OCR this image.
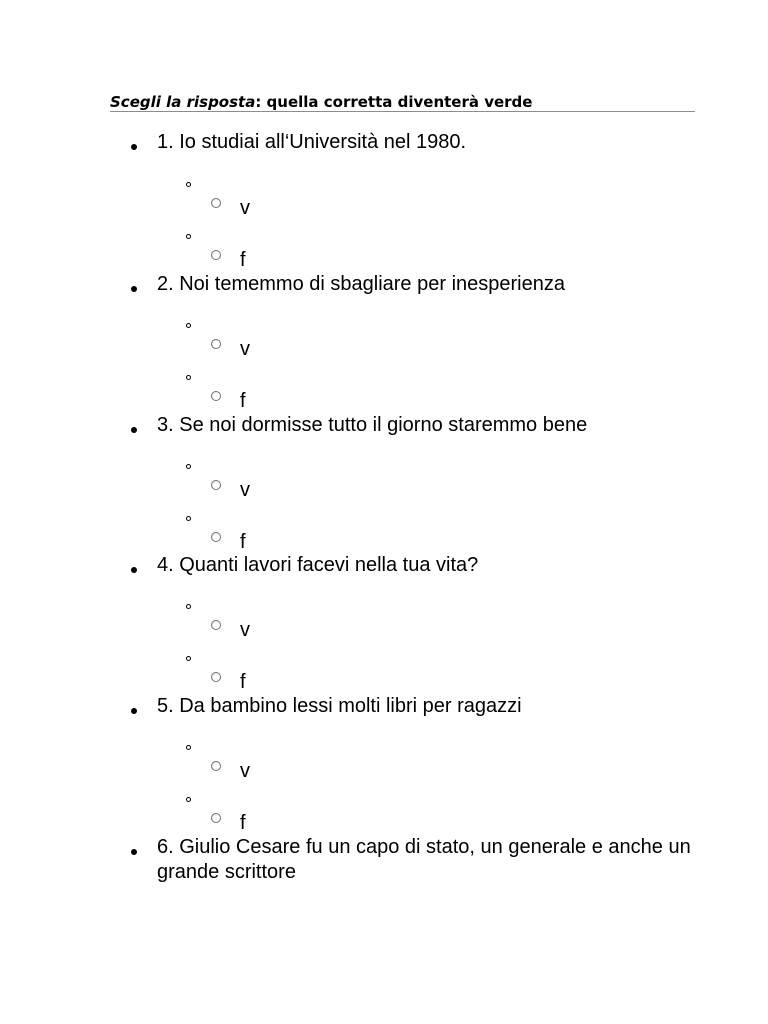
Scegli la risposta: quella corretta diventerà verde
1. Io studiai all‘Università nel 1980.
v
f
2. Noi tememmo di sbagliare per inesperienza
v
f
3. Se noi dormisse tutto il giorno staremmo bene
v
f
4. Quanti lavori facevi nella tua vita?
v
f
5. Da bambino lessi molti libri per ragazzi
v
f
6. Giulio Cesare fu un capo di stato, un generale e anche un grande scrittore
